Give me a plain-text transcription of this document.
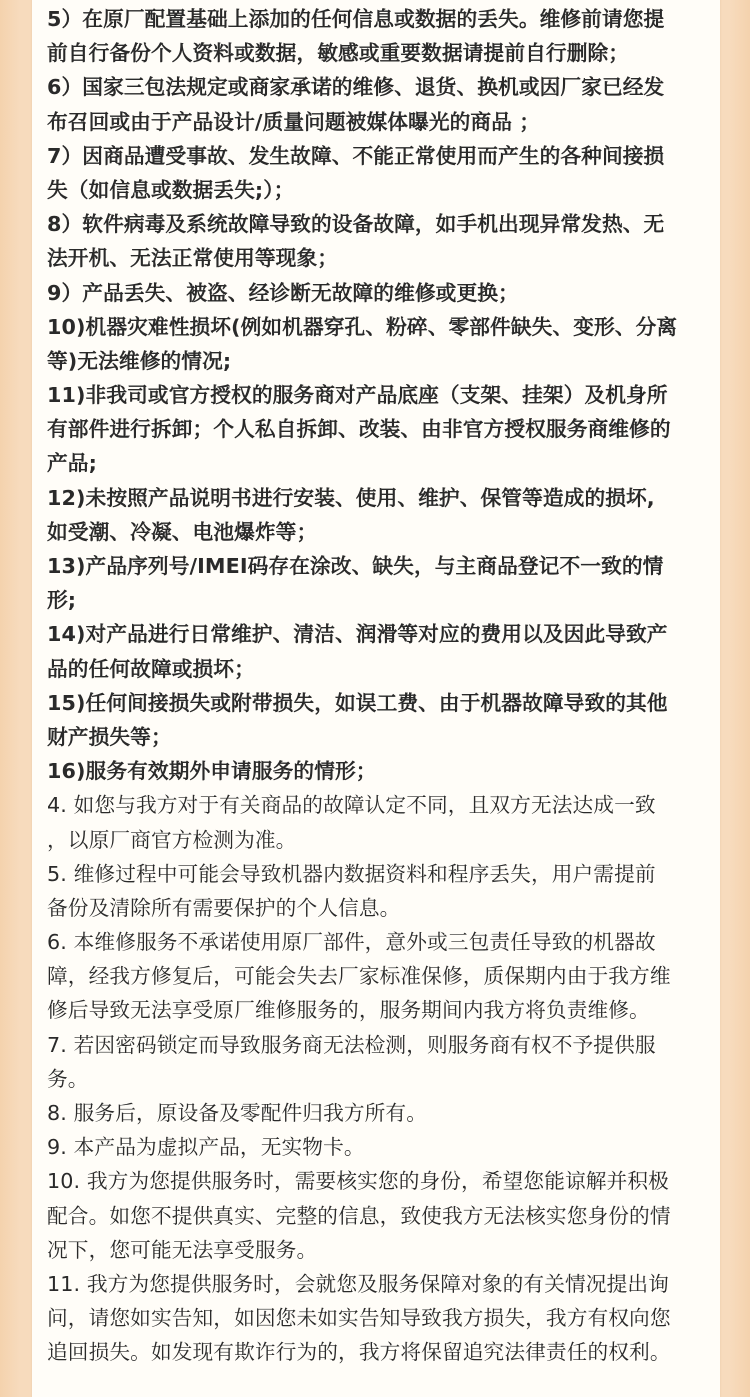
5）在原厂配置基础上添加的任何信息或数据的丢失。维修前请您提
前自行备份个人资料或数据，敏感或重要数据请提前自行删除；
6）国家三包法规定或商家承诺的维修、退货、换机或因厂家已经发
布召回或由于产品设计/质量问题被媒体曝光的商品 ；
7）因商品遭受事故、发生故障、不能正常使用而产生的各种间接损
失（如信息或数据丢失;）；
8）软件病毒及系统故障导致的设备故障，如手机出现异常发热、无
法开机、无法正常使用等现象；
9）产品丢失、被盗、经诊断无故障的维修或更换；
10)机器灾难性损坏(例如机器穿孔、粉碎、零部件缺失、变形、分离
等)无法维修的情况;
11)非我司或官方授权的服务商对产品底座（支架、挂架）及机身所
有部件进行拆卸；个人私自拆卸、改装、由非官方授权服务商维修的
产品;
12)未按照产品说明书进行安装、使用、维护、保管等造成的损坏,
如受潮、冷凝、电池爆炸等；
13)产品序列号/IMEI码存在涂改、缺失，与主商品登记不一致的情
形;
14)对产品进行日常维护、清洁、润滑等对应的费用以及因此导致产
品的任何故障或损坏；
15)任何间接损失或附带损失，如误工费、由于机器故障导致的其他
财产损失等；
16)服务有效期外申请服务的情形；
4. 如您与我方对于有关商品的故障认定不同，且双方无法达成一致
，以原厂商官方检测为准。
5. 维修过程中可能会导致机器内数据资料和程序丢失，用户需提前
备份及清除所有需要保护的个人信息。
6. 本维修服务不承诺使用原厂部件，意外或三包责任导致的机器故
障，经我方修复后，可能会失去厂家标准保修，质保期内由于我方维
修后导致无法享受原厂维修服务的，服务期间内我方将负责维修。
7. 若因密码锁定而导致服务商无法检测，则服务商有权不予提供服
务。
8. 服务后，原设备及零配件归我方所有。
9. 本产品为虚拟产品，无实物卡。
10. 我方为您提供服务时，需要核实您的身份，希望您能谅解并积极
配合。如您不提供真实、完整的信息，致使我方无法核实您身份的情
况下，您可能无法享受服务。
11. 我方为您提供服务时，会就您及服务保障对象的有关情况提出询
问，请您如实告知，如因您未如实告知导致我方损失，我方有权向您
追回损失。如发现有欺诈行为的，我方将保留追究法律责任的权利。
